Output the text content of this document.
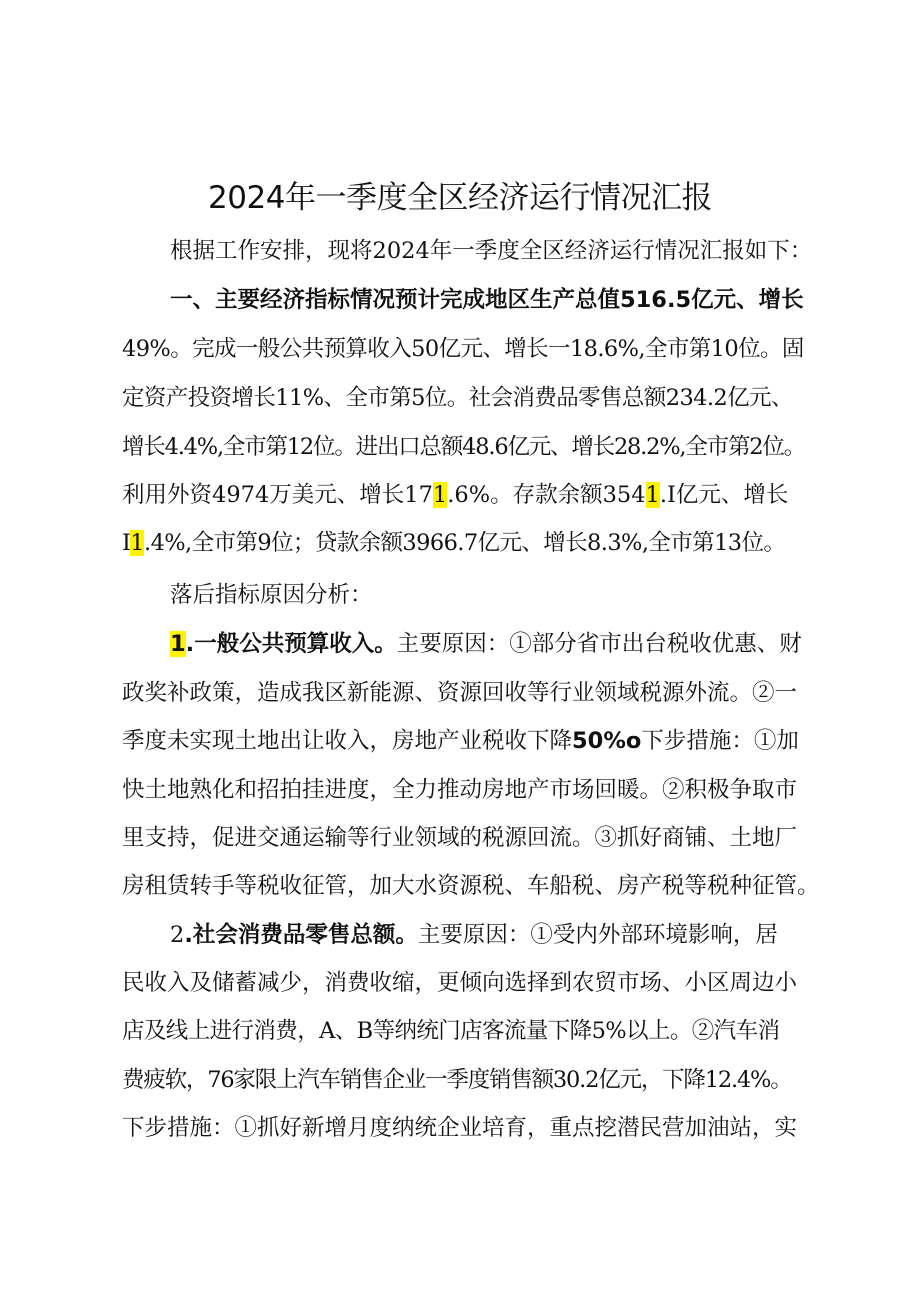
2024年一季度全区经济运行情况汇报
根据工作安排，现将2024年一季度全区经济运行情况汇报如下：
一、主要经济指标情况预计完成地区生产总值516.5亿元、增长
49%。完成一般公共预算收入50亿元、增长一18.6%,全市第10位。固
定资产投资增长11%、全市第5位。社会消费品零售总额234.2亿元、
增长4.4%,全市第12位。进出口总额48.6亿元、增长28.2%,全市第2位。
利用外资4974万美元、增长171.6%。存款余额3541.I亿元、增长
I1.4%,全市第9位；贷款余额3966.7亿元、增长8.3%,全市第13位。
落后指标原因分析：
1.一般公共预算收入。主要原因：①部分省市出台税收优惠、财
政奖补政策，造成我区新能源、资源回收等行业领域税源外流。②一
季度未实现土地出让收入，房地产业税收下降50%o下步措施：①加
快土地熟化和招拍挂进度，全力推动房地产市场回暖。②积极争取市
里支持，促进交通运输等行业领域的税源回流。③抓好商铺、土地厂
房租赁转手等税收征管，加大水资源税、车船税、房产税等税种征管。
2.社会消费品零售总额。主要原因：①受内外部环境影响，居
民收入及储蓄减少，消费收缩，更倾向选择到农贸市场、小区周边小
店及线上进行消费，A、B等纳统门店客流量下降5%以上。②汽车消
费疲软，76家限上汽车销售企业一季度销售额30.2亿元，下降12.4%。
下步措施：①抓好新增月度纳统企业培育，重点挖潜民营加油站，实
